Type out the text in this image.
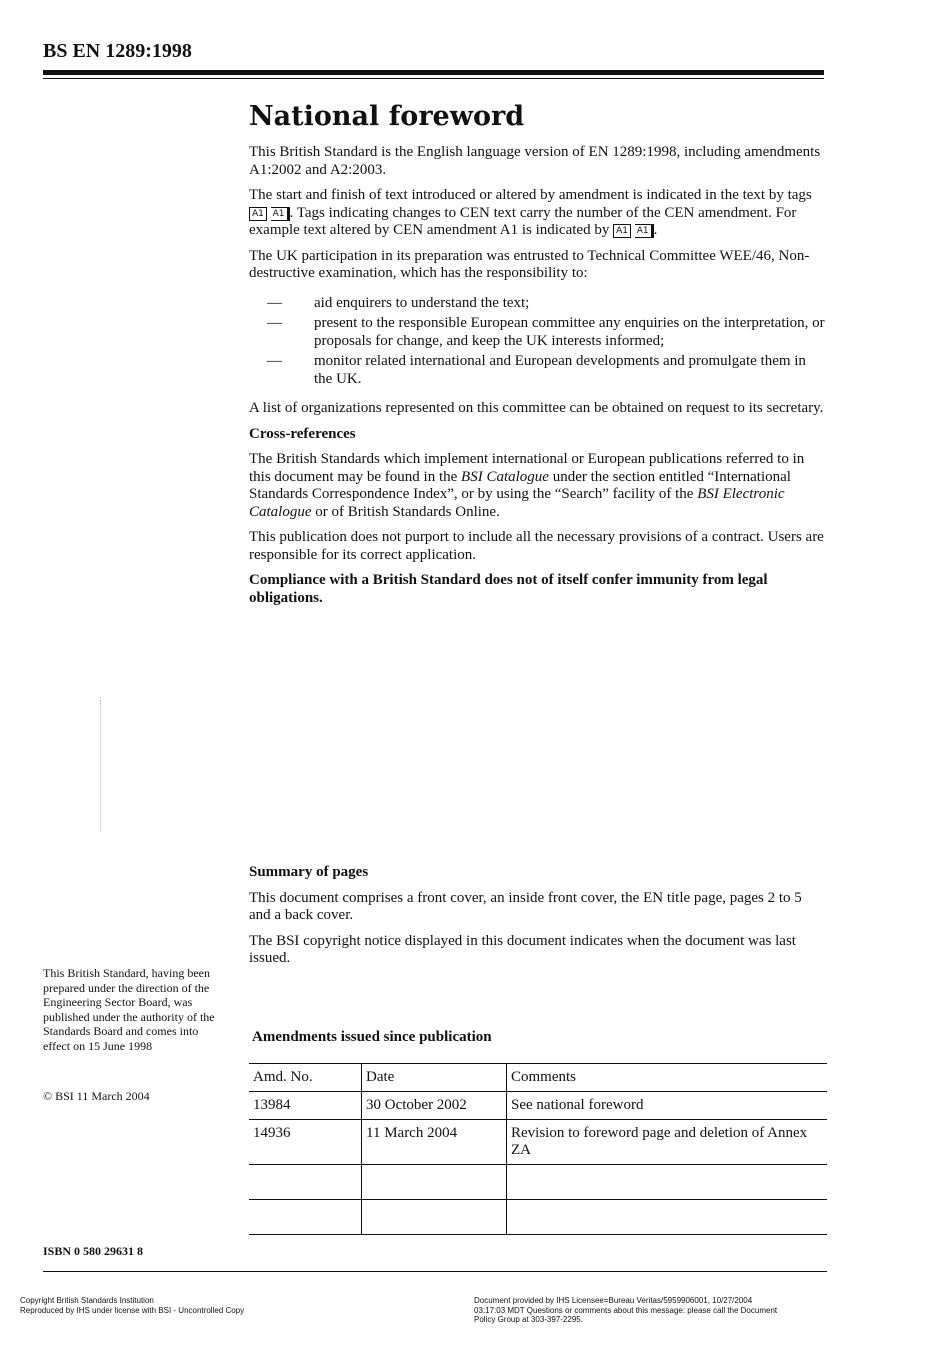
BS EN 1289:1998
National foreword

This British Standard is the English language version of EN 1289:1998, including amendments A1:2002 and A2:2003.

The start and finish of text introduced or altered by amendment is indicated in the text by tags A1 A1 . Tags indicating changes to CEN text carry the number of the CEN amendment. For example text altered by CEN amendment A1 is indicated by A1 A1 .

The UK participation in its preparation was entrusted to Technical Committee WEE/46, Non-destructive examination, which has the responsibility to:

—	aid enquirers to understand the text;
—	present to the responsible European committee any enquiries on the interpretation, or proposals for change, and keep the UK interests informed;
—	monitor related international and European developments and promulgate them in the UK.

A list of organizations represented on this committee can be obtained on request to its secretary.

Cross-references

The British Standards which implement international or European publications referred to in this document may be found in the BSI Catalogue under the section entitled “International Standards Correspondence Index”, or by using the “Search” facility of the BSI Electronic Catalogue or of British Standards Online.

This publication does not purport to include all the necessary provisions of a contract. Users are responsible for its correct application.

Compliance with a British Standard does not of itself confer immunity from legal obligations.

Summary of pages

This document comprises a front cover, an inside front cover, the EN title page, pages 2 to 5 and a back cover.

The BSI copyright notice displayed in this document indicates when the document was last issued.

This British Standard, having been prepared under the direction of the Engineering Sector Board, was published under the authority of the Standards Board and comes into effect on 15 June 1998
© BSI 11 March 2004
ISBN 0 580 29631 8
Amendments issued since publication
Amd. No.	Date	Comments
13984	30 October 2002	See national foreword
14936	11 March 2004	Revision to foreword page and deletion of Annex ZA

Copyright British Standards Institution
Reproduced by IHS under license with BSI - Uncontrolled Copy
Document provided by IHS Licensee=Bureau Veritas/5959906001, 10/27/2004 03:17:03 MDT Questions or comments about this message: please call the Document Policy Group at 303-397-2295.
